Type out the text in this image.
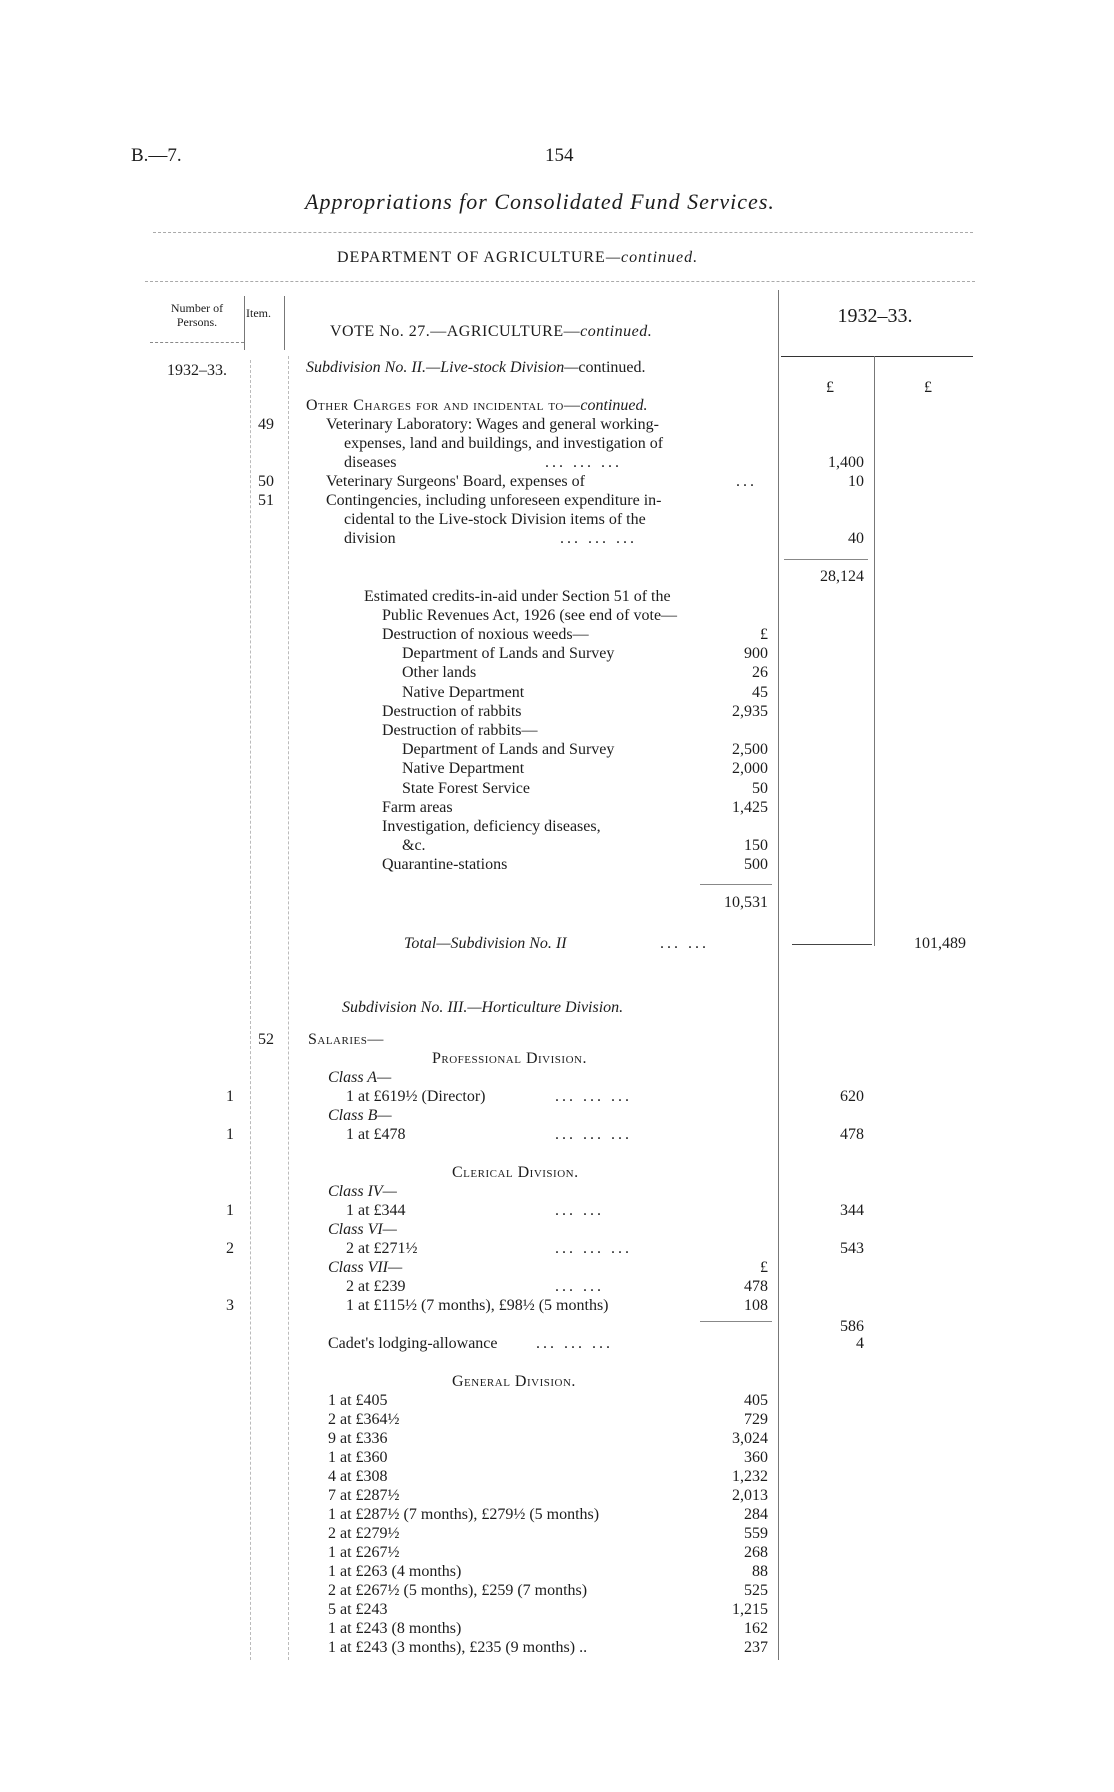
B.—7.	154
Appropriations for Consolidated Fund Services.
DEPARTMENT OF AGRICULTURE—continued.
Number of Persons.
Item.
VOTE No. 27.—AGRICULTURE—continued.
1932–33.
1932–33.
£	£
Subdivision No. II.—Live-stock Division—continued.
Other Charges for and incidental to—continued.
49	Veterinary Laboratory: Wages and general working-
expenses, land and buildings, and investigation of
diseases	... ... ...	1,400
50	Veterinary Surgeons' Board, expenses of	...	10
51	Contingencies, including unforeseen expenditure in-
cidental to the Live-stock Division items of the
division	... ... ...	40
28,124
Estimated credits-in-aid under Section 51 of the
Public Revenues Act, 1926 (see end of vote—
Destruction of noxious weeds—	£
Department of Lands and Survey	900
Other lands	26
Native Department	45
Destruction of rabbits	2,935
Destruction of rabbits—
Department of Lands and Survey	2,500
Native Department	2,000
State Forest Service	50
Farm areas	1,425
Investigation, deficiency diseases,
&c.	150
Quarantine-stations	500
10,531
Total—Subdivision No. II	... ...	101,489
Subdivision No. III.—Horticulture Division.
52 Salaries—
Professional Division.
Class A—
1	1 at £619½ (Director)	... ... ...	620
Class B—
1	1 at £478	... ... ...	478
Clerical Division.
Class IV—
1	1 at £344	... ...	344
Class VI—
2	2 at £271½	... ... ...	543
Class VII—	£
2 at £239	... ...	478
3	1 at £115½ (7 months), £98½ (5 months)	108
586
Cadet's lodging-allowance ... ... ...	4
General Division.
1 at £405	405
2 at £364½	729
9 at £336	3,024
1 at £360	360
4 at £308	1,232
7 at £287½	2,013
1 at £287½ (7 months), £279½ (5 months)	284
2 at £279½	559
1 at £267½	268
1 at £263 (4 months)	88
2 at £267½ (5 months), £259 (7 months)	525
5 at £243	1,215
1 at £243 (8 months)	162
1 at £243 (3 months), £235 (9 months) ..	237
